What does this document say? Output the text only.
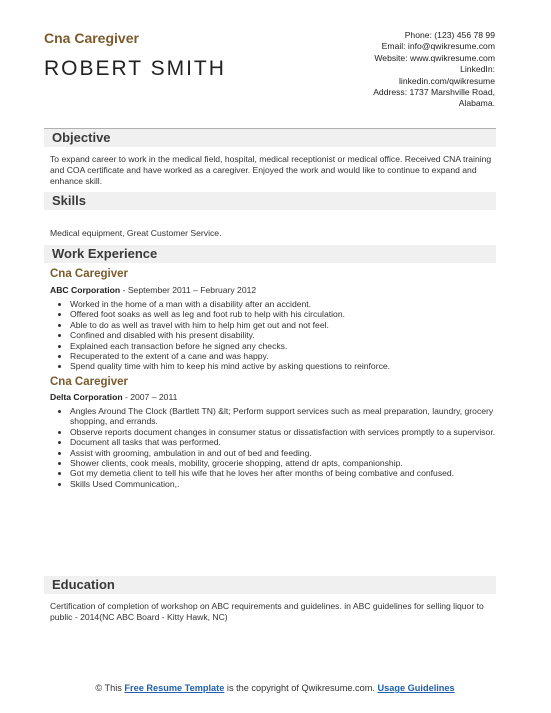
Cna Caregiver
ROBERT SMITH
Phone: (123) 456 78 99
Email: info@qwikresume.com
Website: www.qwikresume.com
LinkedIn:
linkedin.com/qwikresume
Address: 1737 Marshville Road,
Alabama.
Objective
To expand career to work in the medical field, hospital, medical receptionist or medical office. Received CNA training and COA certificate and have worked as a caregiver. Enjoyed the work and would like to continue to expand and enhance skill.
Skills
Medical equipment, Great Customer Service.
Work Experience
Cna Caregiver
ABC Corporation - September 2011 – February 2012
• Worked in the home of a man with a disability after an accident.
• Offered foot soaks as well as leg and foot rub to help with his circulation.
• Able to do as well as travel with him to help him get out and not feel.
• Confined and disabled with his present disability.
• Explained each transaction before he signed any checks.
• Recuperated to the extent of a cane and was happy.
• Spend quality time with him to keep his mind active by asking questions to reinforce.
Cna Caregiver
Delta Corporation - 2007 – 2011
• Angles Around The Clock (Bartlett TN) &lt; Perform support services such as meal preparation, laundry, grocery shopping, and errands.
• Observe reports document changes in consumer status or dissatisfaction with services promptly to a supervisor.
• Document all tasks that was performed.
• Assist with grooming, ambulation in and out of bed and feeding.
• Shower clients, cook meals, mobility, grocerie shopping, attend dr apts, companionship.
• Got my demetia client to tell his wife that he loves her after months of being combative and confused.
• Skills Used Communication,.
Education
Certification of completion of workshop on ABC requirements and guidelines. in ABC guidelines for selling liquor to public - 2014(NC ABC Board - Kitty Hawk, NC)
© This Free Resume Template is the copyright of Qwikresume.com. Usage Guidelines
